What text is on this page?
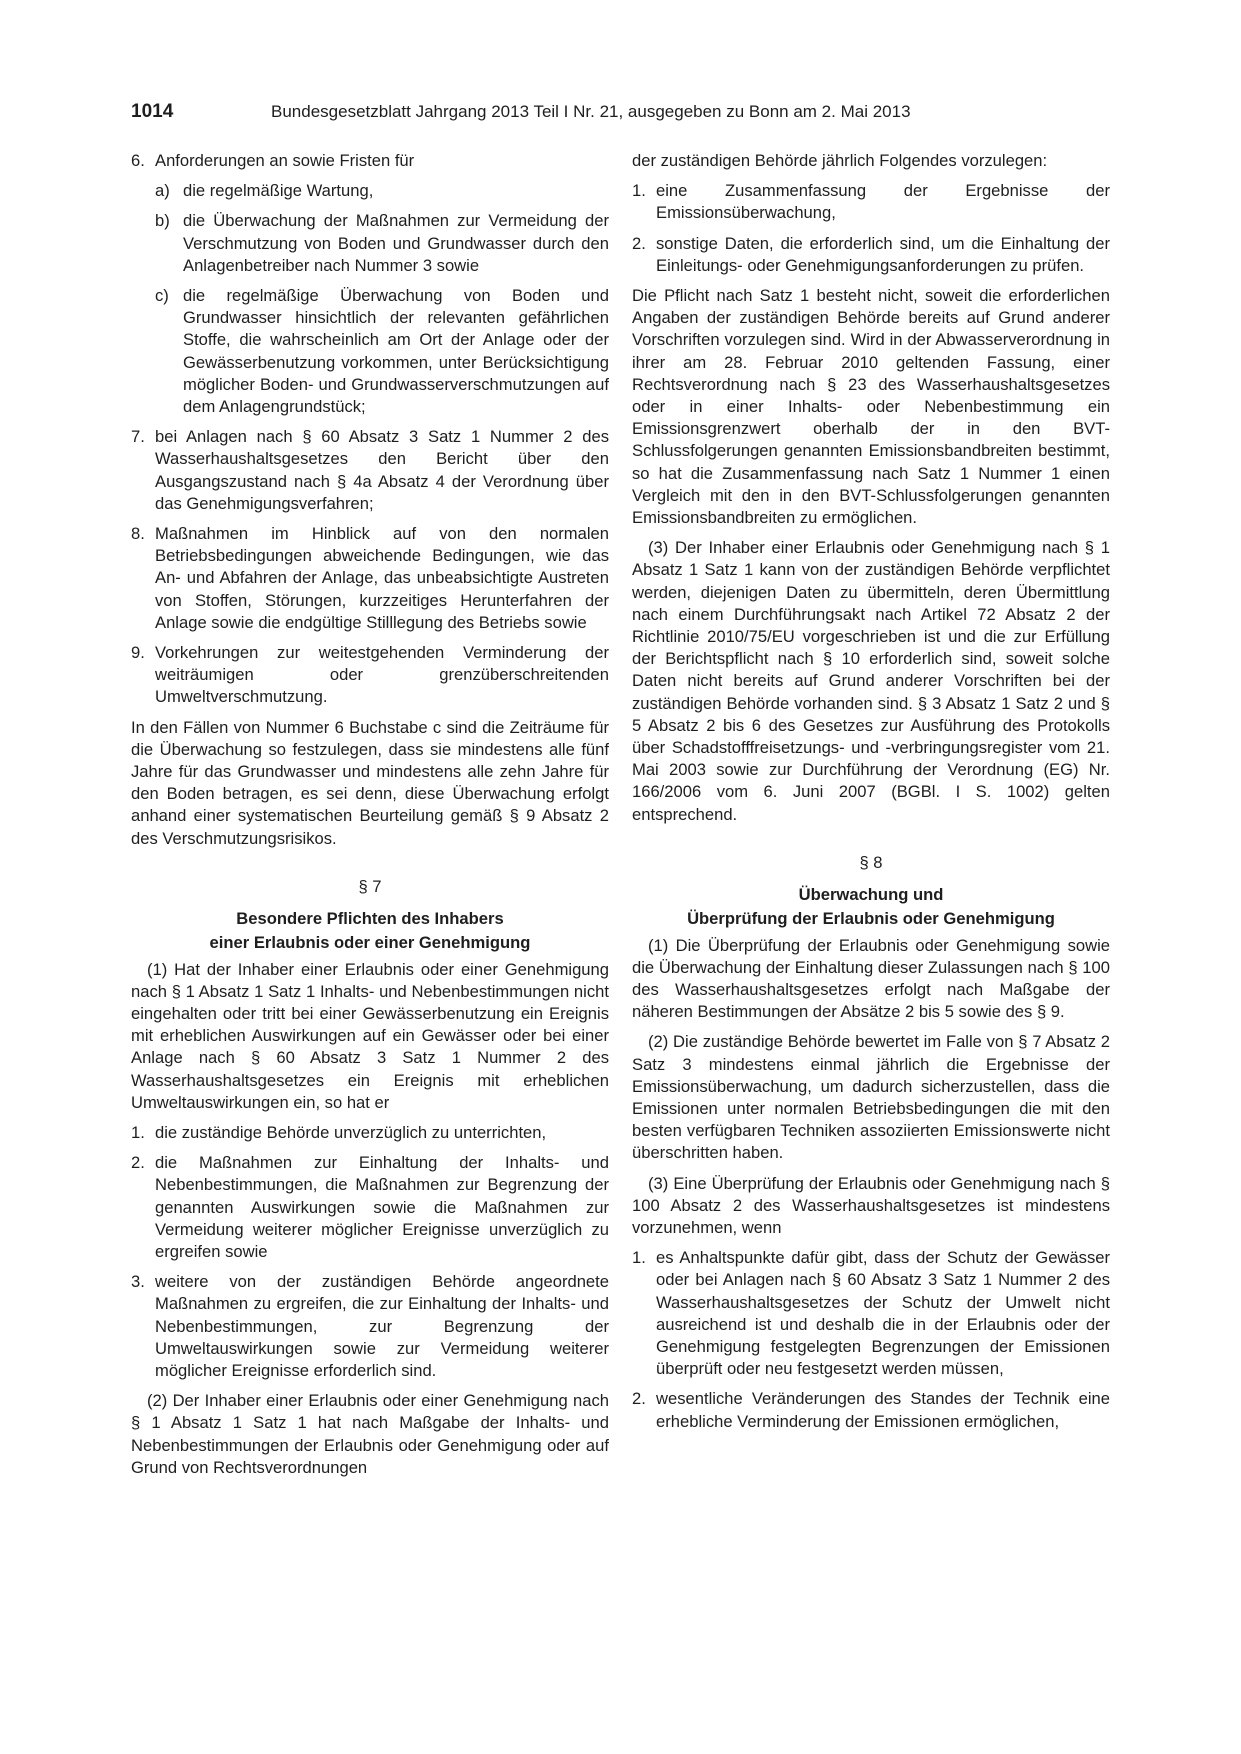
1014	Bundesgesetzblatt Jahrgang 2013 Teil I Nr. 21, ausgegeben zu Bonn am 2. Mai 2013
6. Anforderungen an sowie Fristen für
a) die regelmäßige Wartung,
b) die Überwachung der Maßnahmen zur Vermeidung der Verschmutzung von Boden und Grundwasser durch den Anlagenbetreiber nach Nummer 3 sowie
c) die regelmäßige Überwachung von Boden und Grundwasser hinsichtlich der relevanten gefährlichen Stoffe, die wahrscheinlich am Ort der Anlage oder der Gewässerbenutzung vorkommen, unter Berücksichtigung möglicher Boden- und Grundwasserverschmutzungen auf dem Anlagengrundstück;
7. bei Anlagen nach § 60 Absatz 3 Satz 1 Nummer 2 des Wasserhaushaltsgesetzes den Bericht über den Ausgangszustand nach § 4a Absatz 4 der Verordnung über das Genehmigungsverfahren;
8. Maßnahmen im Hinblick auf von den normalen Betriebsbedingungen abweichende Bedingungen, wie das An- und Abfahren der Anlage, das unbeabsichtigte Austreten von Stoffen, Störungen, kurzzeitiges Herunterfahren der Anlage sowie die endgültige Stilllegung des Betriebs sowie
9. Vorkehrungen zur weitestgehenden Verminderung der weiträumigen oder grenzüberschreitenden Umweltverschmutzung.

In den Fällen von Nummer 6 Buchstabe c sind die Zeiträume für die Überwachung so festzulegen, dass sie mindestens alle fünf Jahre für das Grundwasser und mindestens alle zehn Jahre für den Boden betragen, es sei denn, diese Überwachung erfolgt anhand einer systematischen Beurteilung gemäß § 9 Absatz 2 des Verschmutzungsrisikos.

§ 7

Besondere Pflichten des Inhabers

einer Erlaubnis oder einer Genehmigung

(1) Hat der Inhaber einer Erlaubnis oder einer Genehmigung nach § 1 Absatz 1 Satz 1 Inhalts- und Nebenbestimmungen nicht eingehalten oder tritt bei einer Gewässerbenutzung ein Ereignis mit erheblichen Auswirkungen auf ein Gewässer oder bei einer Anlage nach § 60 Absatz 3 Satz 1 Nummer 2 des Wasserhaushaltsgesetzes ein Ereignis mit erheblichen Umweltauswirkungen ein, so hat er

1. die zuständige Behörde unverzüglich zu unterrichten,
2. die Maßnahmen zur Einhaltung der Inhalts- und Nebenbestimmungen, die Maßnahmen zur Begrenzung der genannten Auswirkungen sowie die Maßnahmen zur Vermeidung weiterer möglicher Ereignisse unverzüglich zu ergreifen sowie
3. weitere von der zuständigen Behörde angeordnete Maßnahmen zu ergreifen, die zur Einhaltung der Inhalts- und Nebenbestimmungen, zur Begrenzung der Umweltauswirkungen sowie zur Vermeidung weiterer möglicher Ereignisse erforderlich sind.

(2) Der Inhaber einer Erlaubnis oder einer Genehmigung nach § 1 Absatz 1 Satz 1 hat nach Maßgabe der Inhalts- und Nebenbestimmungen der Erlaubnis oder Genehmigung oder auf Grund von Rechtsverordnungen

der zuständigen Behörde jährlich Folgendes vorzulegen:

1. eine Zusammenfassung der Ergebnisse der Emissionsüberwachung,
2. sonstige Daten, die erforderlich sind, um die Einhaltung der Einleitungs- oder Genehmigungsanforderungen zu prüfen.

Die Pflicht nach Satz 1 besteht nicht, soweit die erforderlichen Angaben der zuständigen Behörde bereits auf Grund anderer Vorschriften vorzulegen sind. Wird in der Abwasserverordnung in ihrer am 28. Februar 2010 geltenden Fassung, einer Rechtsverordnung nach § 23 des Wasserhaushaltsgesetzes oder in einer Inhalts- oder Nebenbestimmung ein Emissionsgrenzwert oberhalb der in den BVT-Schlussfolgerungen genannten Emissionsbandbreiten bestimmt, so hat die Zusammenfassung nach Satz 1 Nummer 1 einen Vergleich mit den in den BVT-Schlussfolgerungen genannten Emissionsbandbreiten zu ermöglichen.

(3) Der Inhaber einer Erlaubnis oder Genehmigung nach § 1 Absatz 1 Satz 1 kann von der zuständigen Behörde verpflichtet werden, diejenigen Daten zu übermitteln, deren Übermittlung nach einem Durchführungsakt nach Artikel 72 Absatz 2 der Richtlinie 2010/75/EU vorgeschrieben ist und die zur Erfüllung der Berichtspflicht nach § 10 erforderlich sind, soweit solche Daten nicht bereits auf Grund anderer Vorschriften bei der zuständigen Behörde vorhanden sind. § 3 Absatz 1 Satz 2 und § 5 Absatz 2 bis 6 des Gesetzes zur Ausführung des Protokolls über Schadstofffreisetzungs- und -verbringungsregister vom 21. Mai 2003 sowie zur Durchführung der Verordnung (EG) Nr. 166/2006 vom 6. Juni 2007 (BGBl. I S. 1002) gelten entsprechend.

§ 8

Überwachung und

Überprüfung der Erlaubnis oder Genehmigung

(1) Die Überprüfung der Erlaubnis oder Genehmigung sowie die Überwachung der Einhaltung dieser Zulassungen nach § 100 des Wasserhaushaltsgesetzes erfolgt nach Maßgabe der näheren Bestimmungen der Absätze 2 bis 5 sowie des § 9.

(2) Die zuständige Behörde bewertet im Falle von § 7 Absatz 2 Satz 3 mindestens einmal jährlich die Ergebnisse der Emissionsüberwachung, um dadurch sicherzustellen, dass die Emissionen unter normalen Betriebsbedingungen die mit den besten verfügbaren Techniken assoziierten Emissionswerte nicht überschritten haben.

(3) Eine Überprüfung der Erlaubnis oder Genehmigung nach § 100 Absatz 2 des Wasserhaushaltsgesetzes ist mindestens vorzunehmen, wenn

1. es Anhaltspunkte dafür gibt, dass der Schutz der Gewässer oder bei Anlagen nach § 60 Absatz 3 Satz 1 Nummer 2 des Wasserhaushaltsgesetzes der Schutz der Umwelt nicht ausreichend ist und deshalb die in der Erlaubnis oder der Genehmigung festgelegten Begrenzungen der Emissionen überprüft oder neu festgesetzt werden müssen,
2. wesentliche Veränderungen des Standes der Technik eine erhebliche Verminderung der Emissionen ermöglichen,
